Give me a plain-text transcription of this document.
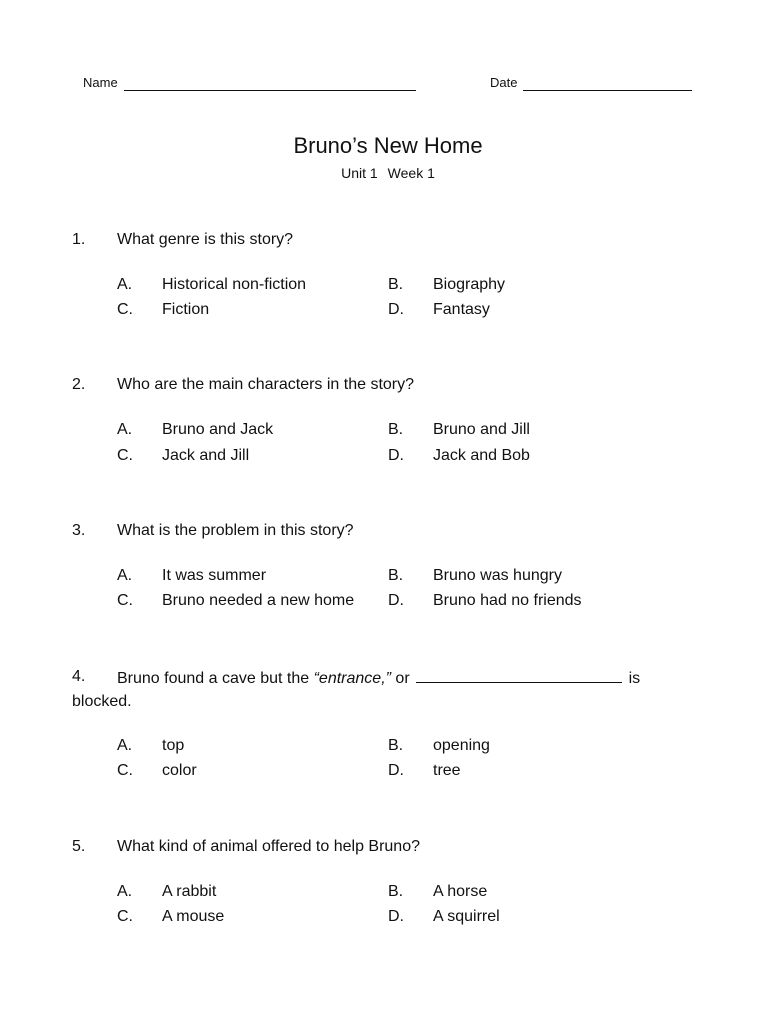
Name	Date
Bruno’s New Home
Unit 1 Week 1
1. What genre is this story?
A. Historical non-fiction	B. Biography
C. Fiction	D. Fantasy
2. Who are the main characters in the story?
A. Bruno and Jack	B. Bruno and Jill
C. Jack and Jill	D. Jack and Bob
3. What is the problem in this story?
A. It was summer	B. Bruno was hungry
C. Bruno needed a new home D. Bruno had no friends
4. Bruno found a cave but the “entrance,” or	is
blocked.
A. top	B. opening
C. color	D. tree
5. What kind of animal offered to help Bruno?
A. A rabbit	B. A horse
C. A mouse	D. A squirrel
